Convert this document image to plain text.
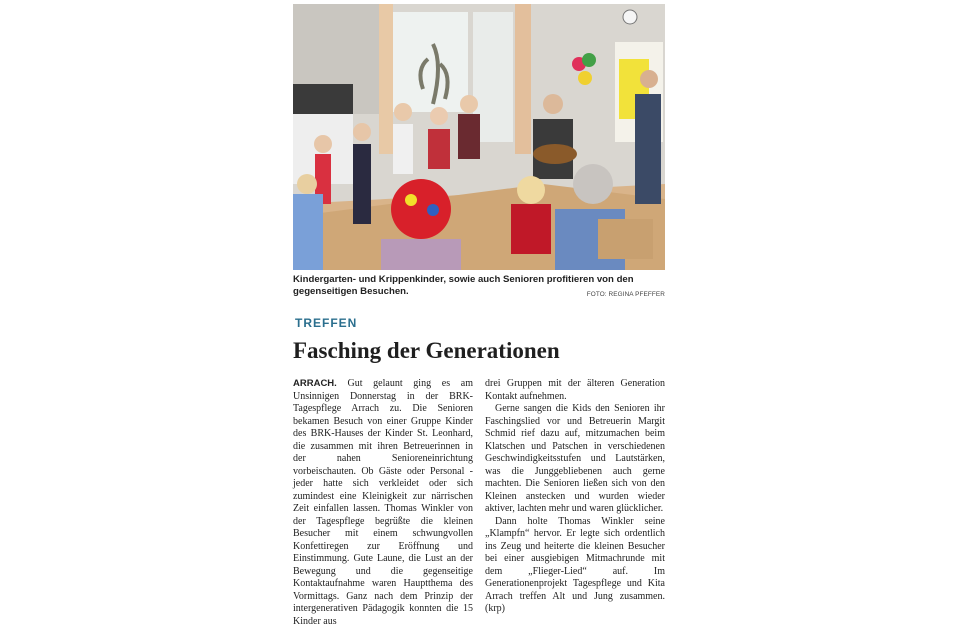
Kindergarten- und Krippenkinder, sowie auch Senioren profitieren von den gegenseitigen Besuchen.	FOTO: REGINA PFEFFER
TREFFEN
Fasching der Generationen

ARRACH. Gut gelaunt ging es am Unsinnigen Donnerstag in der BRK-Tagespflege Arrach zu. Die Senioren bekamen Besuch von einer Gruppe Kinder des BRK-Hauses der Kinder St. Leonhard, die zusammen mit ihren Betreuerinnen in der nahen Senioreneinrichtung vorbeischauten. Ob Gäste oder Personal - jeder hatte sich verkleidet oder sich zumindest eine Kleinigkeit zur närrischen Zeit einfallen lassen. Thomas Winkler von der Tagespflege begrüßte die kleinen Besucher mit einem schwungvollen Konfettiregen zur Eröffnung und Einstimmung. Gute Laune, die Lust an der Bewegung und die gegenseitige Kontaktaufnahme waren Hauptthema des Vormittags. Ganz nach dem Prinzip der intergenerativen Pädagogik konnten die 15 Kinder aus

drei Gruppen mit der älteren Generation Kontakt aufnehmen.

Gerne sangen die Kids den Senioren ihr Faschingslied vor und Betreuerin Margit Schmid rief dazu auf, mitzumachen beim Klatschen und Patschen in verschiedenen Geschwindigkeitsstufen und Lautstärken, was die Junggebliebenen auch gerne machten. Die Senioren ließen sich von den Kleinen anstecken und wurden wieder aktiver, lachten mehr und waren glücklicher.

Dann holte Thomas Winkler seine „Klampfn“ hervor. Er legte sich ordentlich ins Zeug und heiterte die kleinen Besucher bei einer ausgiebigen Mitmachrunde mit dem „Flieger-Lied“ auf. Im Generationenprojekt Tagespflege und Kita Arrach treffen Alt und Jung zusammen. (krp)
